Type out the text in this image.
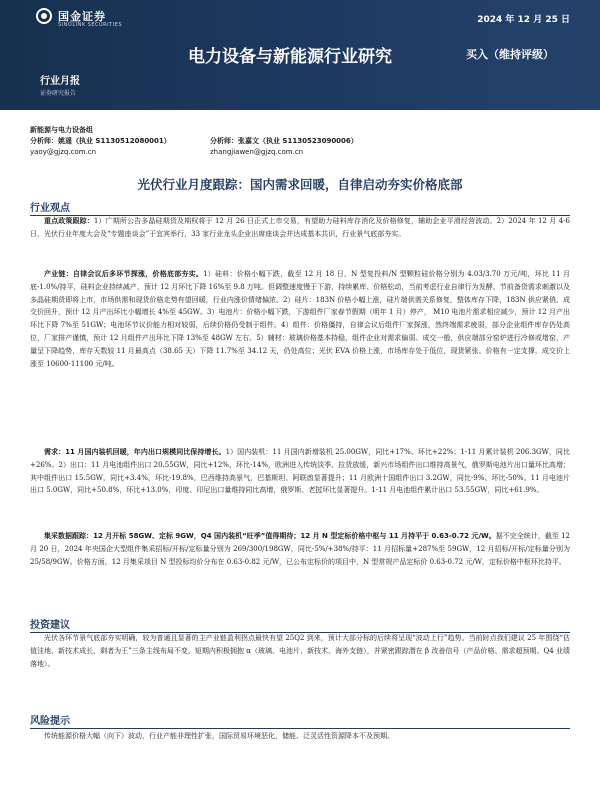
国金证券
SINOLINK SECURITIES	2024 年 12 月 25 日
电力设备与新能源行业研究	买入（维持评级）
行业月报
证券研究报告
新能源与电力设备组
分析师：姚遥（执业 S1130512080001）
yaoy@gjzq.com.cn
分析师：张嘉文（执业 S1130523090006）
zhangjiawen@gjzq.com.cn
光伏行业月度跟踪：国内需求回暖，自律启动夯实价格底部
行业观点
重点政策跟踪：1）广期所公告多晶硅期货及期权将于 12 月 26 日正式上市交易，有望助力硅料库存消化及价格修复，辅助企业平滑经营波动。2）2024 年 12 月 4-6 日，光伏行业年度大会及“专题座谈会”于宜宾举行，33 家行业龙头企业出席座谈会并达成基本共识，行业景气底部夯实。
产业链：自律会议后多环节探涨，价格底部夯实。1）硅料：价格小幅下跌，截至 12 月 18 日，N 型复投料/N 型颗粒硅价格分别为 4.03/3.70 万元/吨，环比 11 月底-1.0%/持平，硅料企业持续减产，预计 12 月环比下降 16%至 9.8 万吨。但调整速度慢于下游，持续累库、价格松动，当前考虑行业自律行为发酵、节前备货需求刺激以及多晶硅期货即将上市，市场供需和现货价格走势有望回暖，行业内涨价情绪偏浓。2）硅片：183N 价格小幅上涨，硅片端供需关系修复，整体库存下降，183N 供应紧俏、成交价回升，预计 12 月产出环比小幅增长 4%至 45GW。3）电池片：价格小幅下跌，下游组件厂家春节假期（明年 1 月）停产， M10 电池片需求相应减少，预计 12 月产出环比下降 7%至 51GW；电池环节议价能力相对较弱，后续价格仍受制于组件。4）组件：价格僵持，自律会议后组件厂家探涨，然终端需求疲弱，部分企业组件库存仍处高位，厂家排产谨慎，预计 12 月组件产出环比下降 13%至 48GW 左右。5）辅材：玻璃价格基本持稳，组件企业对需求偏弱、成交一般，供应端部分窑炉进行冷修或堵窑，产量呈下降趋势，库存天数较 11 月最高点（38.65 天）下降 11.7%至 34.12 天，仍处高位；光伏 EVA 价格上涨，市场库存处于低位，现货紧张、价格有一定支撑，成交价上涨至 10600-11100 元/吨。
需求：11 月国内装机回暖，年内出口规模同比保持增长。1）国内装机：11 月国内新增装机 25.00GW，同比+17%、环比+22%；1-11 月累计装机 206.3GW，同比+26%。2）出口：11 月电池组件出口 20.55GW，同比+12%，环比-14%，欧洲进入传统淡季、拉货放缓，新兴市场组件出口维持高景气，俄罗斯电池片出口量环比高增；其中组件出口 15.5GW，同比+3.4%，环比-19.8%，巴西维持高景气，巴基斯坦、阿联酋显著提升；11 月欧洲十国组件出口 3.2GW，同比-9%、环比-50%。11 月电池片出口 5.0GW，同比+50.8%，环比+13.0%，印度、印尼出口量维持同比高增，俄罗斯、老挝环比显著提升。1-11 月电池组件累计出口 53.55GW，同比+61.9%。
集采数据跟踪：12 月开标 58GW、定标 9GW，Q4 国内装机“旺季”值得期待；12 月 N 型定标价格中枢与 11 月持平于 0.63-0.72 元/W。据不完全统计，截至 12 月 20 日，2024 年央国企大型组件集采招标/开标/定标量分别为 269/300/198GW，同比-5%/+38%/持平：11 月招标量+287%至 59GW，12 月招标/开标/定标量分别为 25/58/9GW。价格方面，12 月集采项目 N 型投标均价分布在 0.63-0.82 元/W，已公布定标价的项目中，N 型常规产品定标价 0.63-0.72 元/W，定标价格中枢环比持平。
投资建议
光伏各环节景气底部夯实明确，较为普通且显著的主产业链盈利拐点最快有望 25Q2 到来，预计大部分标的后续将呈现“波动上行”趋势。当前时点我们建议 25 年围绕“估值洼地、新技术成长、剩者为王”三条主线布局不变，短期内积极拥抱 α（玻璃、电池片、新技术、海外支链），并紧密跟踪潜在 β 改善信号（产品价格、需求超预期、Q4 业绩落地）。
风险提示
传统能源价格大幅（向下）波动，行业产能非理性扩张，国际贸易环境恶化，储能、泛灵活性资源降本不及预期。
